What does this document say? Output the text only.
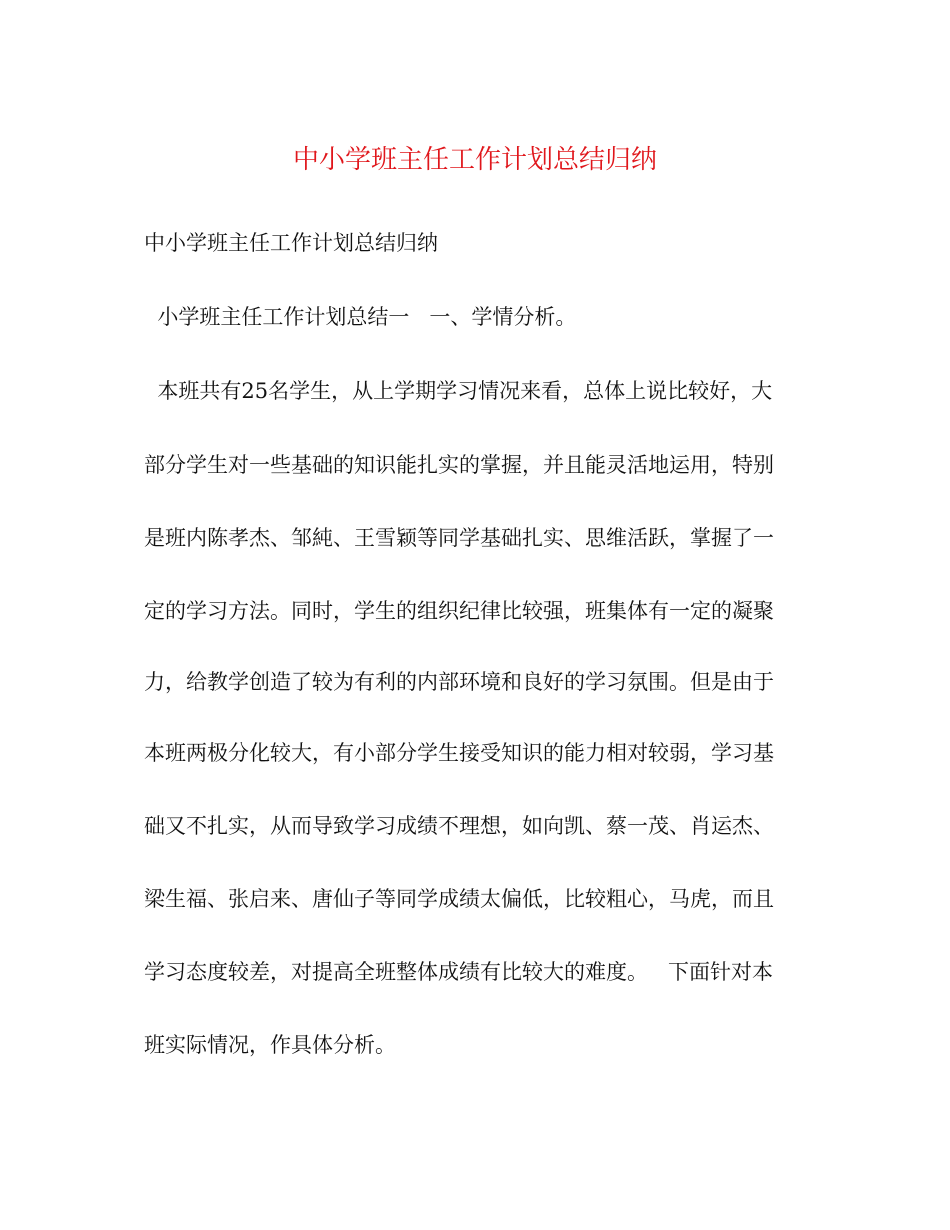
中小学班主任工作计划总结归纳
中小学班主任工作计划总结归纳
小学班主任工作计划总结一   一、学情分析。
本班共有25名学生，从上学期学习情况来看，总体上说比较好，大
部分学生对一些基础的知识能扎实的掌握，并且能灵活地运用，特别
是班内陈孝杰、邹純、王雪颖等同学基础扎实、思维活跃，掌握了一
定的学习方法。同时，学生的组织纪律比较强，班集体有一定的凝聚
力，给教学创造了较为有利的内部环境和良好的学习氛围。但是由于
本班两极分化较大，有小部分学生接受知识的能力相对较弱，学习基
础又不扎实，从而导致学习成绩不理想，如向凯、蔡一茂、肖运杰、
梁生福、张启来、唐仙子等同学成绩太偏低，比较粗心，马虎，而且
学习态度较差，对提高全班整体成绩有比较大的难度。   下面针对本
班实际情况，作具体分析。
